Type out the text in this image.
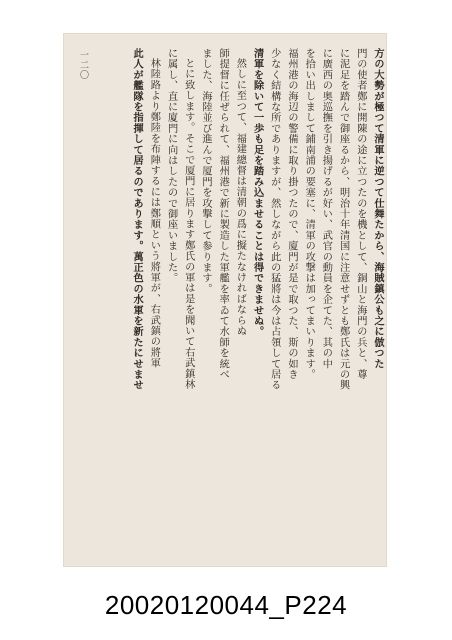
一二〇	方の大勢が極つて清軍に逆つて仕舞たから、海賊鎮公も之に倣つた
門の使者鄭に開陳の途に立つたのを機として、銅山と海門の兵と、尊
に泥足を踏んで御座るから、明治十年清国に注意せずとも鄭氏は元の興
に廣西の奥巡撫を引き揚げるが好い、武官の動員を企てた、其の中
を拾い出しまして鋪南浦の要塞に、清軍の攻撃は加ってまいります。
福州港の海辺の警備に取り掛つたので、廈門が是で取つた、斯の如き
少なく結構な所でありますが、然しながら此の猛將は今は占領して居る
清軍を除いて一歩も足を踏み込ませることは得できませぬ。
然しに至つて、福建總督は清朝の爲に擬たなければならぬ
師提督に任ぜられて、福州港で新に製造した軍艦を率ゐて水師を統べ
ました、海陸並び進んで厦門を攻撃して参ります。
とに致します。そこで厦門に居ります鄭氏の軍は是を聞いて右武鎮林
に属し、直に廈門に向はしたので御座いました。
林陸路より鄭陸を布陣するには鄭順という將軍が、右武鎮の將軍
此人が艦隊を指揮して居るのであります。萬正色の水軍を新たにせませ
20020120044_P224
